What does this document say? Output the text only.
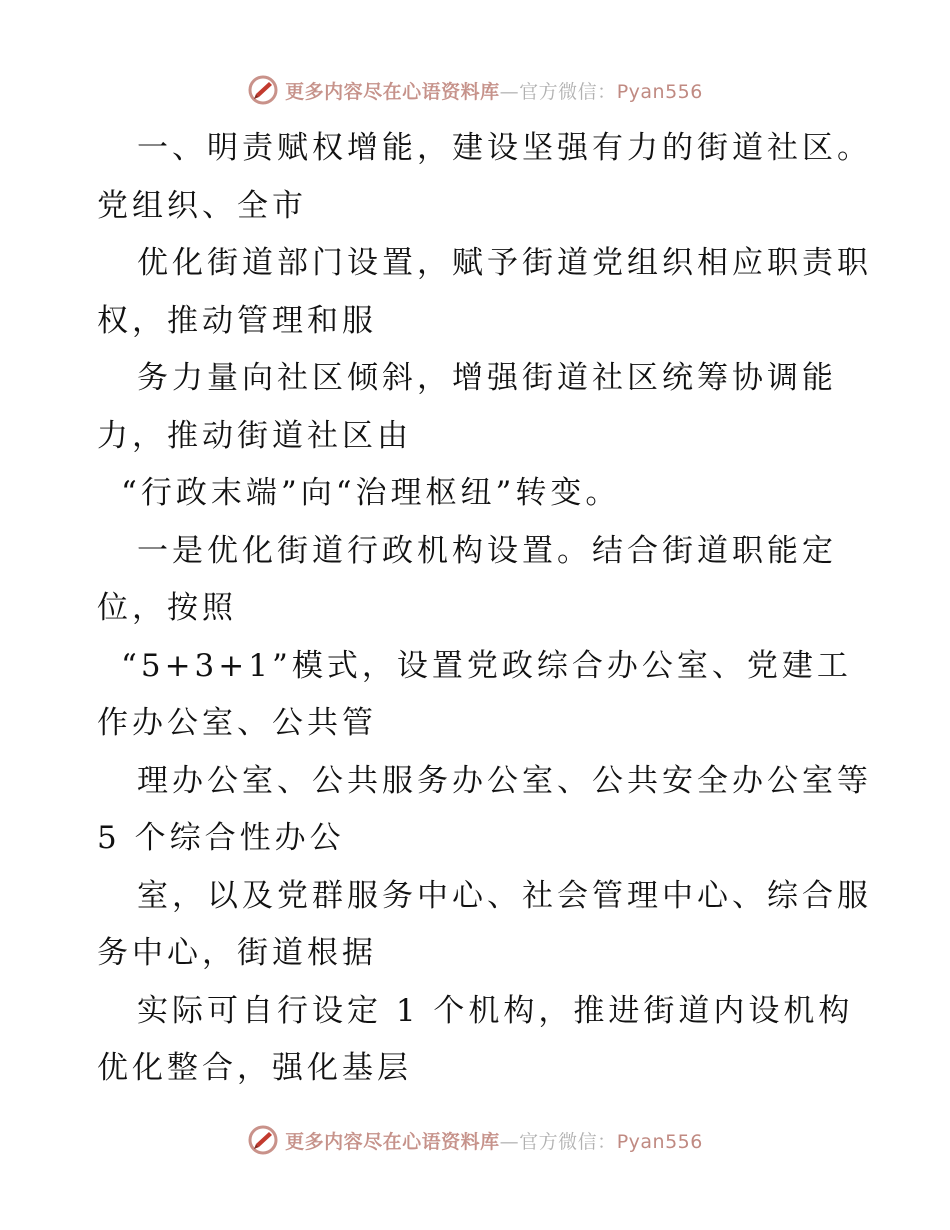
更多内容尽在心语资料库—官方微信：Pyan556

一、明责赋权增能，建设坚强有力的街道社区。

党组织、全市

优化街道部门设置，赋予街道党组织相应职责职

权，推动管理和服

务力量向社区倾斜，增强街道社区统筹协调能

力，推动街道社区由

“行政末端”向“治理枢纽”转变。

一是优化街道行政机构设置。结合街道职能定

位，按照

“5+3+1”模式，设置党政综合办公室、党建工

作办公室、公共管

理办公室、公共服务办公室、公共安全办公室等

5 个综合性办公

室，以及党群服务中心、社会管理中心、综合服

务中心，街道根据

实际可自行设定 1 个机构，推进街道内设机构

优化整合，强化基层

更多内容尽在心语资料库—官方微信：Pyan556
